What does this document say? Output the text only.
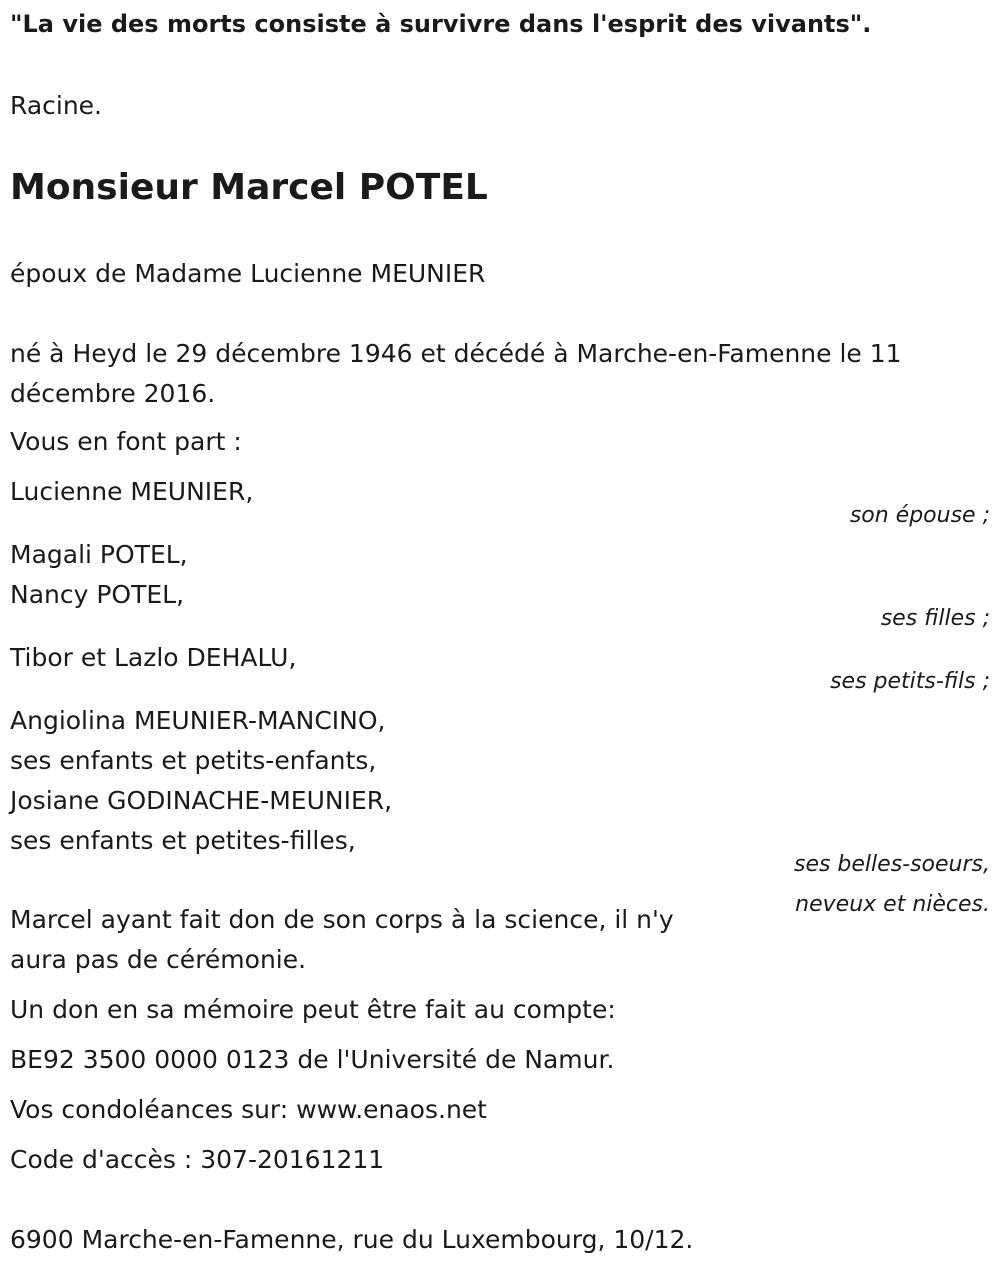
"La vie des morts consiste à survivre dans l'esprit des vivants".
Racine.
Monsieur Marcel POTEL
époux de Madame Lucienne MEUNIER
né à Heyd le 29 décembre 1946 et décédé à Marche-en-Famenne le 11
décembre 2016.
Vous en font part :
Lucienne MEUNIER,
son épouse ;
Magali POTEL,
Nancy POTEL,
ses filles ;
Tibor et Lazlo DEHALU,
ses petits-fils ;
Angiolina MEUNIER-MANCINO,
ses enfants et petits-enfants,
Josiane GODINACHE-MEUNIER,
ses enfants et petites-filles,
ses belles-soeurs,
neveux et nièces.
Marcel ayant fait don de son corps à la science, il n'y
aura pas de cérémonie.
Un don en sa mémoire peut être fait au compte:
BE92 3500 0000 0123 de l'Université de Namur.
Vos condoléances sur: www.enaos.net
Code d'accès : 307-20161211
6900 Marche-en-Famenne, rue du Luxembourg, 10/12.
